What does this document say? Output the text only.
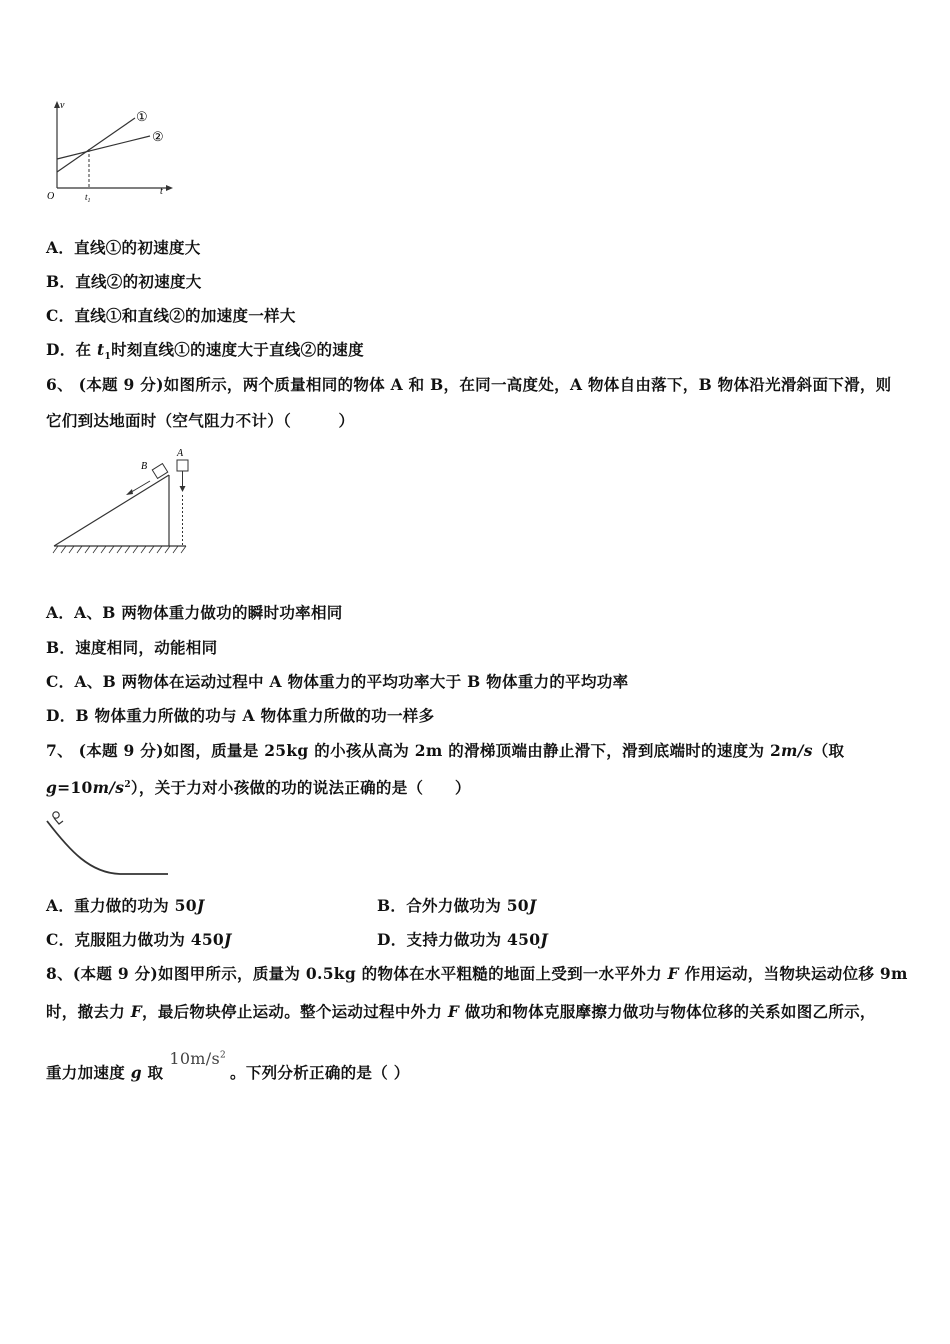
v
t
O	$t_1$
①
②
A．直线①的初速度大
B．直线②的初速度大
C．直线①和直线②的加速度一样大
D．在 $t_1$时刻直线①的速度大于直线②的速度
6、 (本题 9 分)如图所示，两个质量相同的物体 A 和 B，在同一高度处，A 物体自由落下，B 物体沿光滑斜面下滑，则
它们到达地面时（空气阻力不计）（　　　）
B
A
A．A、B 两物体重力做功的瞬时功率相同
B．速度相同，动能相同
C．A、B 两物体在运动过程中 A 物体重力的平均功率大于 B 物体重力的平均功率
D．B 物体重力所做的功与 A 物体重力所做的功一样多
7、 (本题 9 分)如图，质量是 25kg 的小孩从高为 2m 的滑梯顶端由静止滑下，滑到底端时的速度为 2m/s（取
$g=10m/s^2$），关于力对小孩做的功的说法正确的是（　　）
A．重力做的功为 50J	B．合外力做功为 50J
C．克服阻力做功为 450J	D．支持力做功为 450J
8、(本题 9 分)如图甲所示，质量为 0.5kg 的物体在水平粗糙的地面上受到一水平外力 F 作用运动，当物块运动位移 9m
时，撤去力 F，最后物块停止运动。整个运动过程中外力 F 做功和物体克服摩擦力做功与物体位移的关系如图乙所示，
重力加速度 g 取$10m/s^2$。下列分析正确的是（ ）
